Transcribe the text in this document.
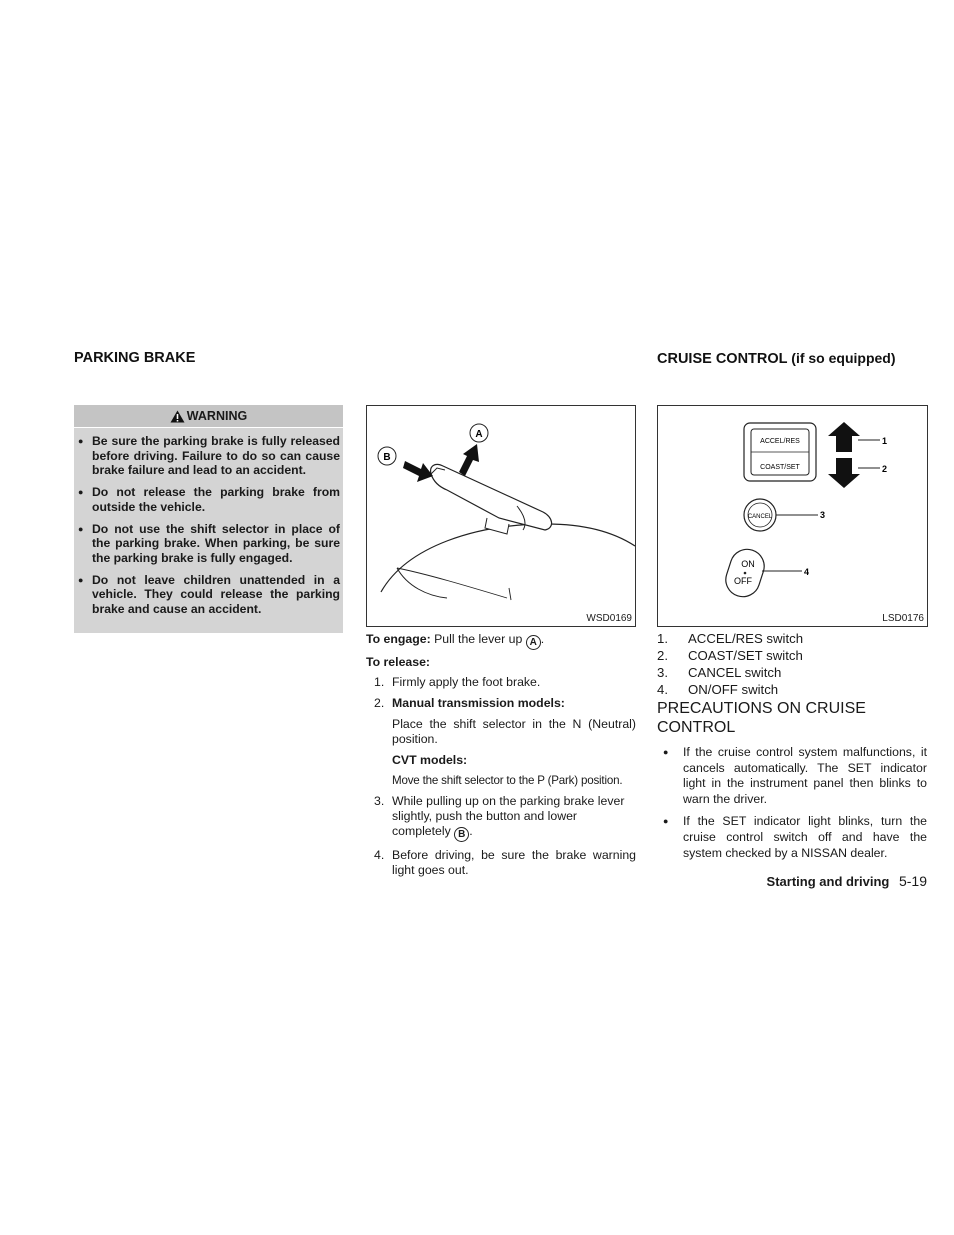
PARKING BRAKE
WARNING
● Be sure the parking brake is fully released before driving. Failure to do so can cause brake failure and lead to an accident.
● Do not release the parking brake from outside the vehicle.
● Do not use the shift selector in place of the parking brake. When parking, be sure the parking brake is fully engaged.
● Do not leave children unattended in a vehicle. They could release the parking brake and cause an accident.
B
A
WSD0169
To engage: Pull the lever up A .
To release:
1. Firmly apply the foot brake.
2. Manual transmission models:
Place the shift selector in the N (Neutral) position.
CVT models:
Move the shift selector to the P (Park) position.
3. While pulling up on the parking brake lever slightly, push the button and lower completely B .
4. Before driving, be sure the brake warning light goes out.
CRUISE CONTROL (if so equipped)
ACCEL/RES
COAST/SET
1
2
CANCEL	3
ON
OFF
4
LSD0176
1. ACCEL/RES switch
2. COAST/SET switch
3. CANCEL switch
4. ON/OFF switch
PRECAUTIONS ON CRUISE CONTROL
● If the cruise control system malfunctions, it cancels automatically. The SET indicator light in the instrument panel then blinks to warn the driver.
● If the SET indicator light blinks, turn the cruise control switch off and have the system checked by a NISSAN dealer.
Starting and driving 5-19
